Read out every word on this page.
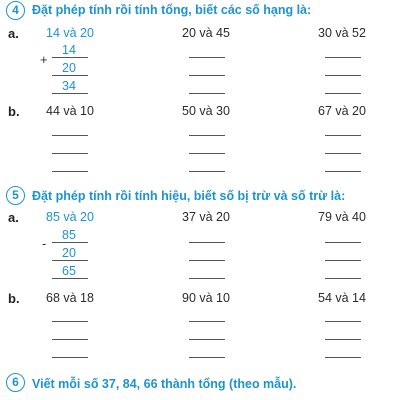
4	Đặt phép tính rồi tính tổng, biết các số hạng là:
a. 14 và 20	20 và 45	30 và 52
+
14
20
34
b. 44 và 10	50 và 30	67 và 20
5	Đặt phép tính rồi tính hiệu, biết số bị trừ và số trừ là:
a. 85 và 20	37 và 20	79 và 40
-
85
20
65
b. 68 và 18	90 và 10	54 và 14
6	Viết mỗi số 37, 84, 66 thành tổng (theo mẫu).
